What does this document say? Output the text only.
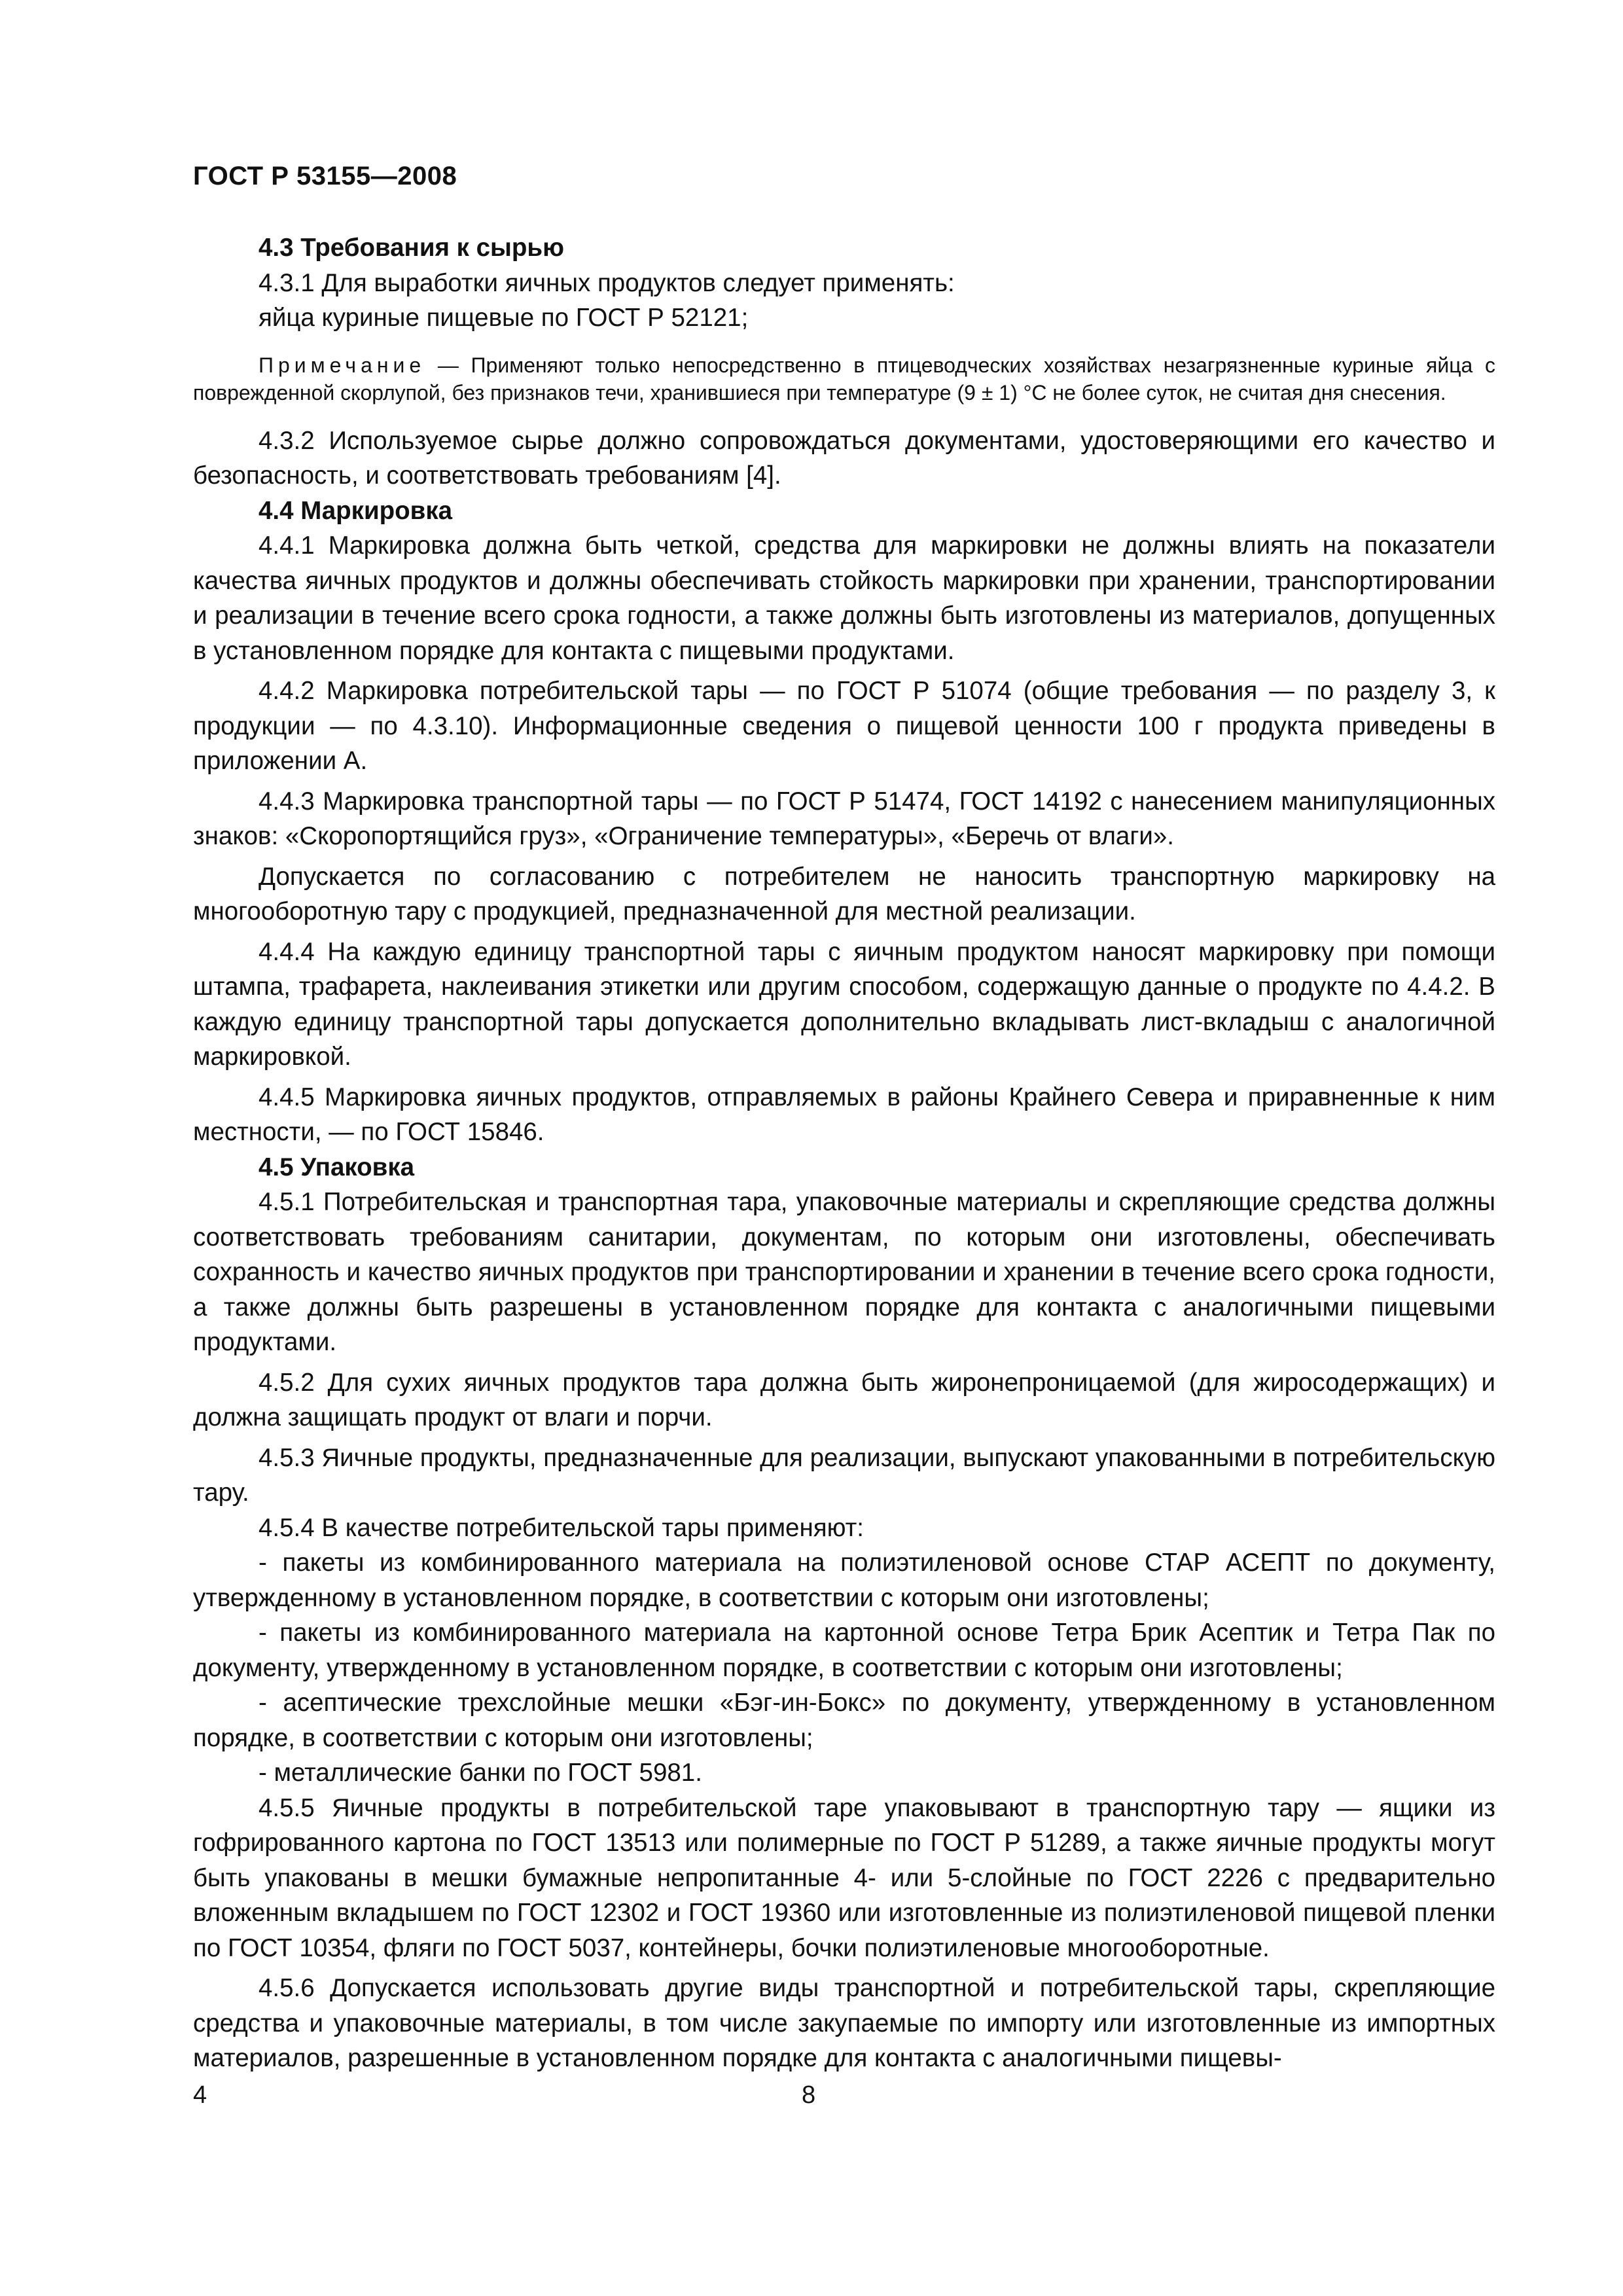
ГОСТ Р 53155—2008
4.3 Требования к сырью

4.3.1 Для выработки яичных продуктов следует применять:

яйца куриные пищевые по ГОСТ Р 52121;

Примечание — Применяют только непосредственно в птицеводческих хозяйствах незагрязненные куриные яйца с поврежденной скорлупой, без признаков течи, хранившиеся при температуре (9 ± 1) °С не более суток, не считая дня снесения.

4.3.2 Используемое сырье должно сопровождаться документами, удостоверяющими его качество и безопасность, и соответствовать требованиям [4].

4.4 Маркировка

4.4.1 Маркировка должна быть четкой, средства для маркировки не должны влиять на показатели качества яичных продуктов и должны обеспечивать стойкость маркировки при хранении, транспортировании и реализации в течение всего срока годности, а также должны быть изготовлены из материалов, допущенных в установленном порядке для контакта с пищевыми продуктами.

4.4.2 Маркировка потребительской тары — по ГОСТ Р 51074 (общие требования — по разделу 3, к продукции — по 4.3.10). Информационные сведения о пищевой ценности 100 г продукта приведены в приложении А.

4.4.3 Маркировка транспортной тары — по ГОСТ Р 51474, ГОСТ 14192 с нанесением манипуляционных знаков: «Скоропортящийся груз», «Ограничение температуры», «Беречь от влаги».

Допускается по согласованию с потребителем не наносить транспортную маркировку на многооборотную тару с продукцией, предназначенной для местной реализации.

4.4.4 На каждую единицу транспортной тары с яичным продуктом наносят маркировку при помощи штампа, трафарета, наклеивания этикетки или другим способом, содержащую данные о продукте по 4.4.2. В каждую единицу транспортной тары допускается дополнительно вкладывать лист-вкладыш с аналогичной маркировкой.

4.4.5 Маркировка яичных продуктов, отправляемых в районы Крайнего Севера и приравненные к ним местности, — по ГОСТ 15846.

4.5 Упаковка

4.5.1 Потребительская и транспортная тара, упаковочные материалы и скрепляющие средства должны соответствовать требованиям санитарии, документам, по которым они изготовлены, обеспечивать сохранность и качество яичных продуктов при транспортировании и хранении в течение всего срока годности, а также должны быть разрешены в установленном порядке для контакта с аналогичными пищевыми продуктами.

4.5.2 Для сухих яичных продуктов тара должна быть жиронепроницаемой (для жиросодержащих) и должна защищать продукт от влаги и порчи.

4.5.3 Яичные продукты, предназначенные для реализации, выпускают упакованными в потребительскую тару.

4.5.4 В качестве потребительской тары применяют:

- пакеты из комбинированного материала на полиэтиленовой основе СТАР АСЕПТ по документу, утвержденному в установленном порядке, в соответствии с которым они изготовлены;

- пакеты из комбинированного материала на картонной основе Тетра Брик Асептик и Тетра Пак по документу, утвержденному в установленном порядке, в соответствии с которым они изготовлены;

- асептические трехслойные мешки «Бэг-ин-Бокс» по документу, утвержденному в установленном порядке, в соответствии с которым они изготовлены;

- металлические банки по ГОСТ 5981.

4.5.5 Яичные продукты в потребительской таре упаковывают в транспортную тару — ящики из гофрированного картона по ГОСТ 13513 или полимерные по ГОСТ Р 51289, а также яичные продукты могут быть упакованы в мешки бумажные непропитанные 4- или 5-слойные по ГОСТ 2226 с предварительно вложенным вкладышем по ГОСТ 12302 и ГОСТ 19360 или изготовленные из полиэтиленовой пищевой пленки по ГОСТ 10354, фляги по ГОСТ 5037, контейнеры, бочки полиэтиленовые многооборотные.

4.5.6 Допускается использовать другие виды транспортной и потребительской тары, скрепляющие средства и упаковочные материалы, в том числе закупаемые по импорту или изготовленные из импортных материалов, разрешенные в установленном порядке для контакта с аналогичными пищевы-

4	8
